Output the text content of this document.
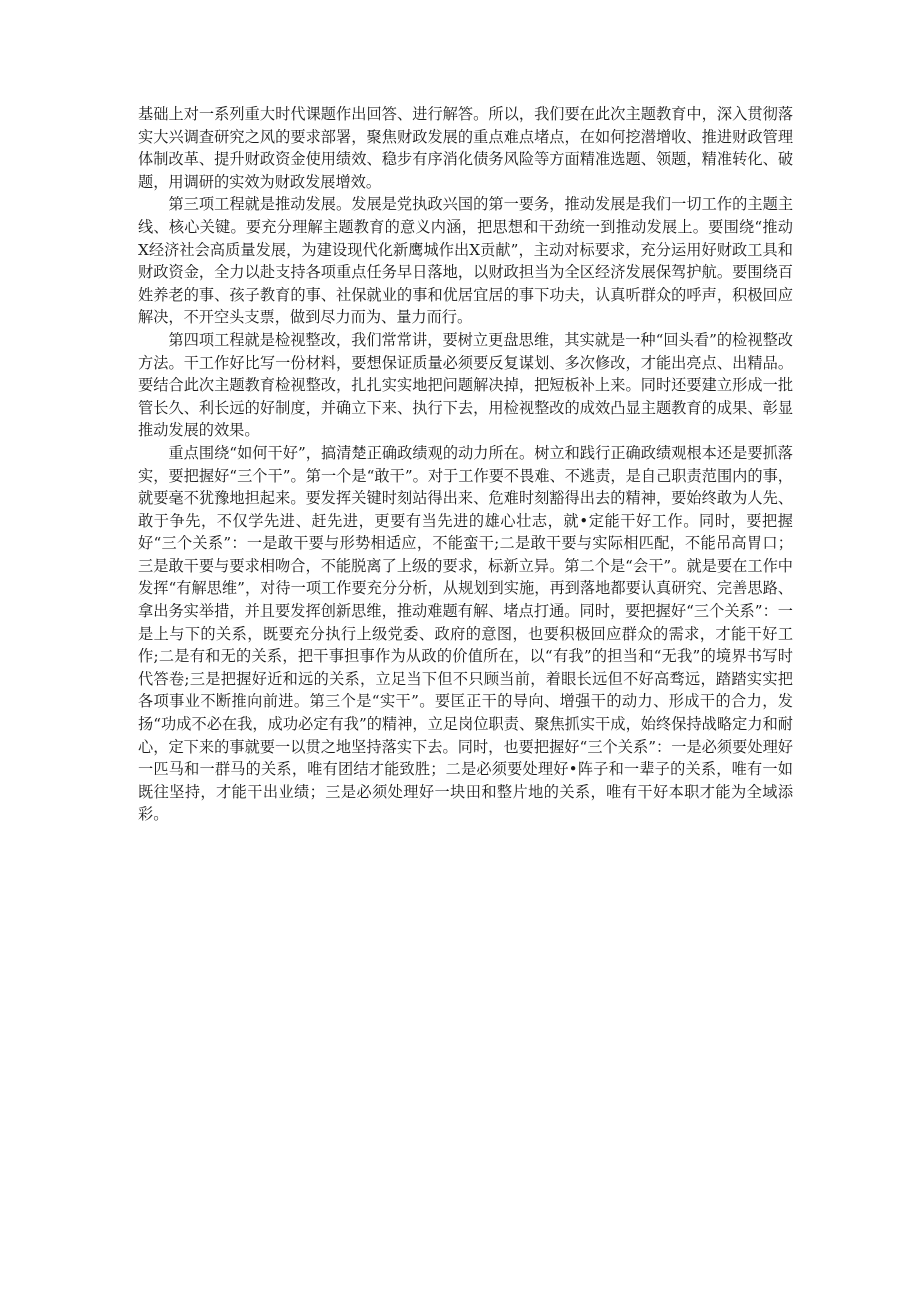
基础上对一系列重大时代课题作出回答、进行解答。所以，我们要在此次主题教育中，深入贯彻落实大兴调查研究之风的要求部署，聚焦财政发展的重点难点堵点，在如何挖潜增收、推进财政管理体制改革、提升财政资金使用绩效、稳步有序消化债务风险等方面精准选题、领题，精准转化、破题，用调研的实效为财政发展增效。

第三项工程就是推动发展。发展是党执政兴国的第一要务，推动发展是我们一切工作的主题主线、核心关键。要充分理解主题教育的意义内涵，把思想和干劲统一到推动发展上。要围绕“推动X经济社会高质量发展，为建设现代化新鹰城作出X贡献”，主动对标要求，充分运用好财政工具和财政资金，全力以赴支持各项重点任务早日落地，以财政担当为全区经济发展保驾护航。要围绕百姓养老的事、孩子教育的事、社保就业的事和优居宜居的事下功夫，认真听群众的呼声，积极回应解决，不开空头支票，做到尽力而为、量力而行。

第四项工程就是检视整改，我们常常讲，要树立更盘思维，其实就是一种“回头看”的检视整改方法。干工作好比写一份材料，要想保证质量必须要反复谋划、多次修改，才能出亮点、出精品。要结合此次主题教育检视整改，扎扎实实地把问题解决掉，把短板补上来。同时还要建立形成一批管长久、利长远的好制度，并确立下来、执行下去，用检视整改的成效凸显主题教育的成果、彰显推动发展的效果。

重点围绕“如何干好”，搞清楚正确政绩观的动力所在。树立和践行正确政绩观根本还是要抓落实，要把握好“三个干”。第一个是“敢干”。对于工作要不畏难、不逃责，是自己职责范围内的事，就要毫不犹豫地担起来。要发挥关键时刻站得出来、危难时刻豁得出去的精神，要始终敢为人先、敢于争先，不仅学先进、赶先进，更要有当先进的雄心壮志，就•定能干好工作。同时，要把握好“三个关系”：一是敢干要与形势相适应，不能蛮干;二是敢干要与实际相匹配，不能吊高胃口；三是敢干要与要求相吻合，不能脱离了上级的要求，标新立异。第二个是“会干”。就是要在工作中发挥“有解思维”，对待一项工作要充分分析，从规划到实施，再到落地都要认真研究、完善思路、拿出务实举措，并且要发挥创新思维，推动难题有解、堵点打通。同时，要把握好“三个关系”：一是上与下的关系，既要充分执行上级党委、政府的意图，也要积极回应群众的需求，才能干好工作;二是有和无的关系，把干事担事作为从政的价值所在，以“有我”的担当和“无我”的境界书写时代答卷;三是把握好近和远的关系，立足当下但不只顾当前，着眼长远但不好高骛远，踏踏实实把各项事业不断推向前进。第三个是“实干”。要匡正干的导向、增强干的动力、形成干的合力，发扬“功成不必在我，成功必定有我”的精神，立足岗位职责、聚焦抓实干成，始终保持战略定力和耐心，定下来的事就要一以贯之地坚持落实下去。同时，也要把握好“三个关系”：一是必须要处理好一匹马和一群马的关系，唯有团结才能致胜；二是必须要处理好•阵子和一辈子的关系，唯有一如既往坚持，才能干出业绩；三是必须处理好一块田和整片地的关系，唯有干好本职才能为全域添彩。
